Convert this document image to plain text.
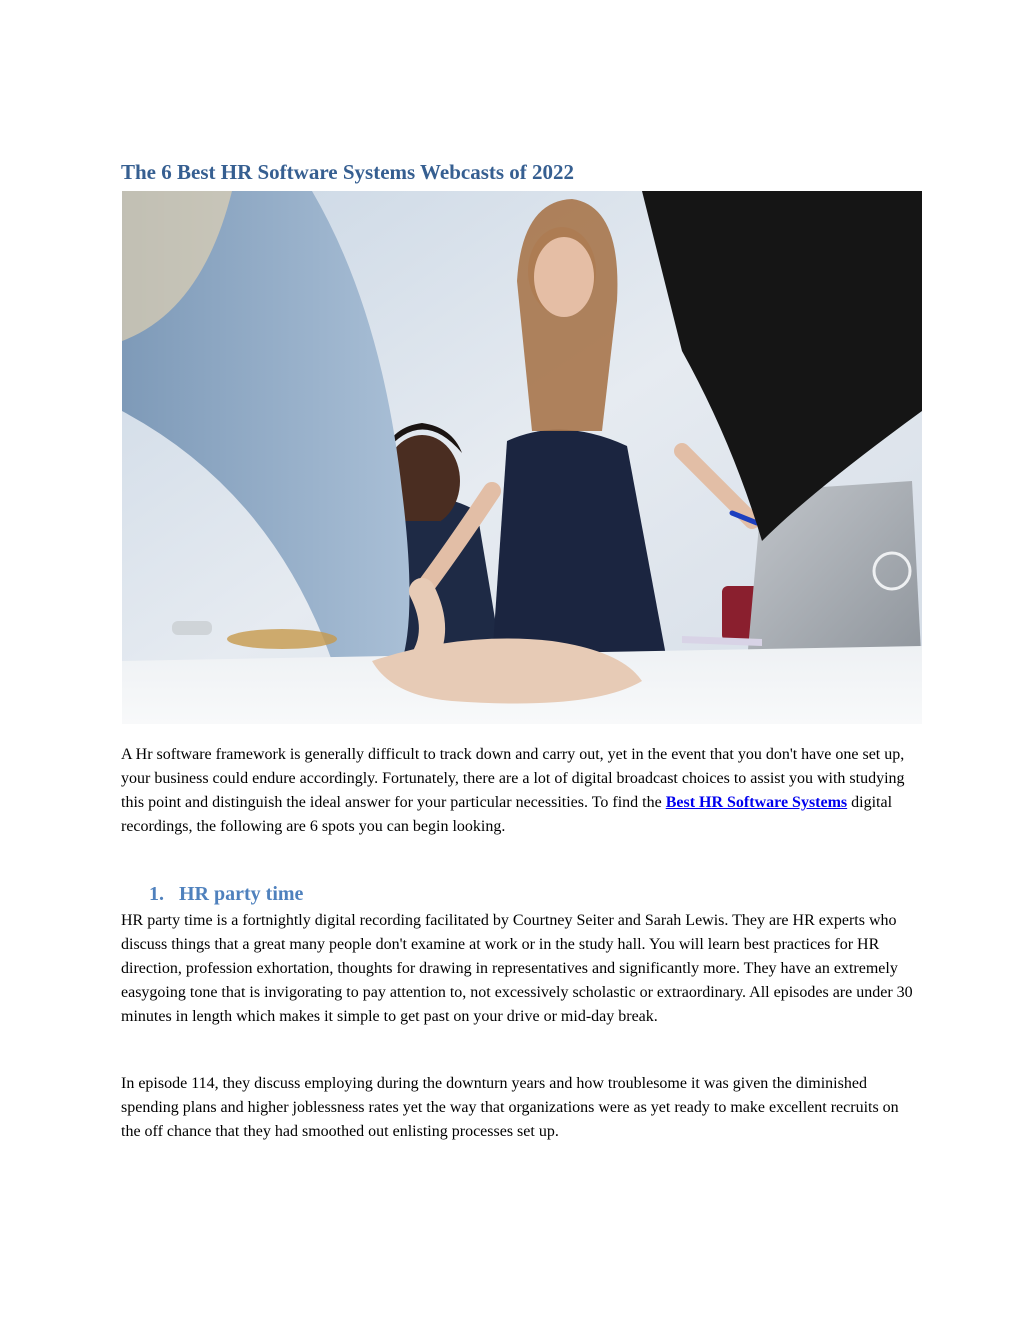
The 6 Best HR Software Systems Webcasts of 2022

A Hr software framework is generally difficult to track down and carry out, yet in the event that you don't have one set up, your business could endure accordingly. Fortunately, there are a lot of digital broadcast choices to assist you with studying this point and distinguish the ideal answer for your particular necessities. To find the Best HR Software Systems digital recordings, the following are 6 spots you can begin looking.

1. HR party time

HR party time is a fortnightly digital recording facilitated by Courtney Seiter and Sarah Lewis. They are HR experts who discuss things that a great many people don't examine at work or in the study hall. You will learn best practices for HR direction, profession exhortation, thoughts for drawing in representatives and significantly more. They have an extremely easygoing tone that is invigorating to pay attention to, not excessively scholastic or extraordinary. All episodes are under 30 minutes in length which makes it simple to get past on your drive or mid-day break.

In episode 114, they discuss employing during the downturn years and how troublesome it was given the diminished spending plans and higher joblessness rates yet the way that organizations were as yet ready to make excellent recruits on the off chance that they had smoothed out enlisting processes set up.
